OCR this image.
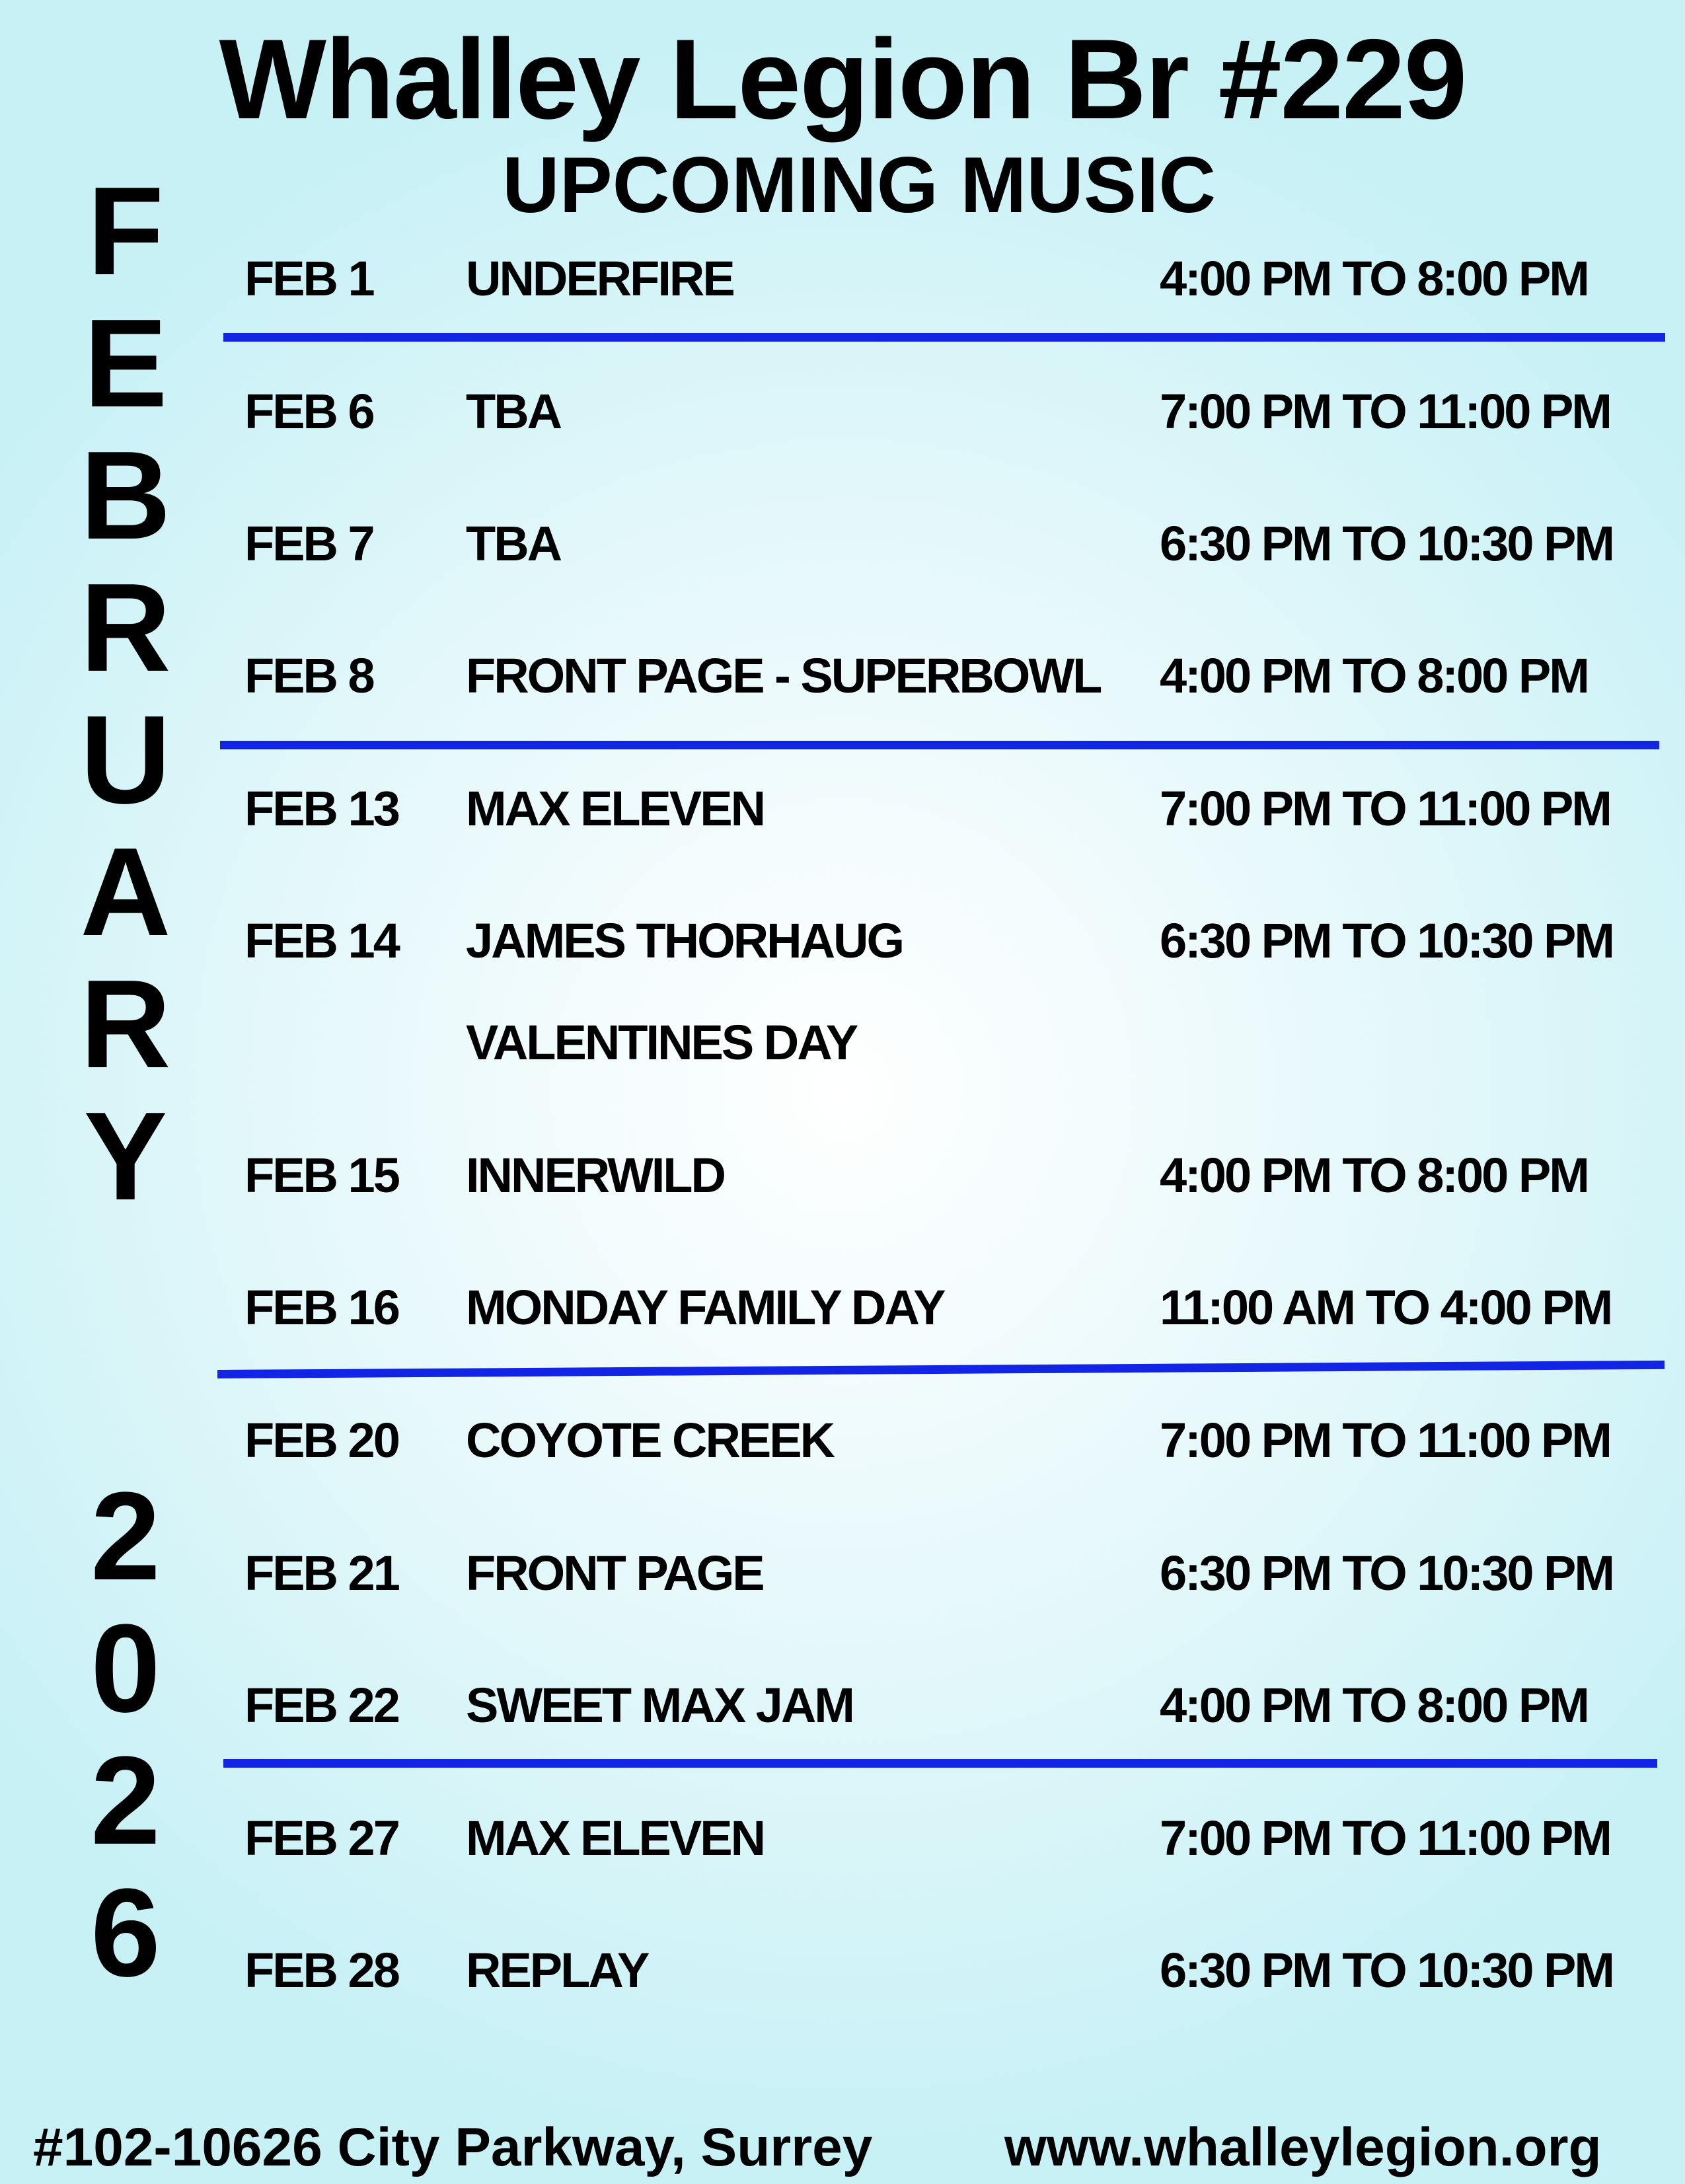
Whalley Legion Br #229
UPCOMING MUSIC
F
E
B
R
U
A
R
Y
2
0
2
6
FEB 1 UNDERFIRE	4:00 PM TO 8:00 PM
FEB 6 TBA	7:00 PM TO 11:00 PM
FEB 7 TBA	6:30 PM TO 10:30 PM
FEB 8 FRONT PAGE - SUPERBOWL 4:00 PM TO 8:00 PM
FEB 13 MAX ELEVEN	7:00 PM TO 11:00 PM
FEB 14 JAMES THORHAUG	6:30 PM TO 10:30 PM
VALENTINES DAY
FEB 15 INNERWILD	4:00 PM TO 8:00 PM
FEB 16 MONDAY FAMILY DAY	11:00 AM TO 4:00 PM
FEB 20 COYOTE CREEK	7:00 PM TO 11:00 PM
FEB 21 FRONT PAGE	6:30 PM TO 10:30 PM
FEB 22 SWEET MAX JAM	4:00 PM TO 8:00 PM
FEB 27 MAX ELEVEN	7:00 PM TO 11:00 PM
FEB 28 REPLAY	6:30 PM TO 10:30 PM
#102-10626 City Parkway, Surrey www.whalleylegion.org
